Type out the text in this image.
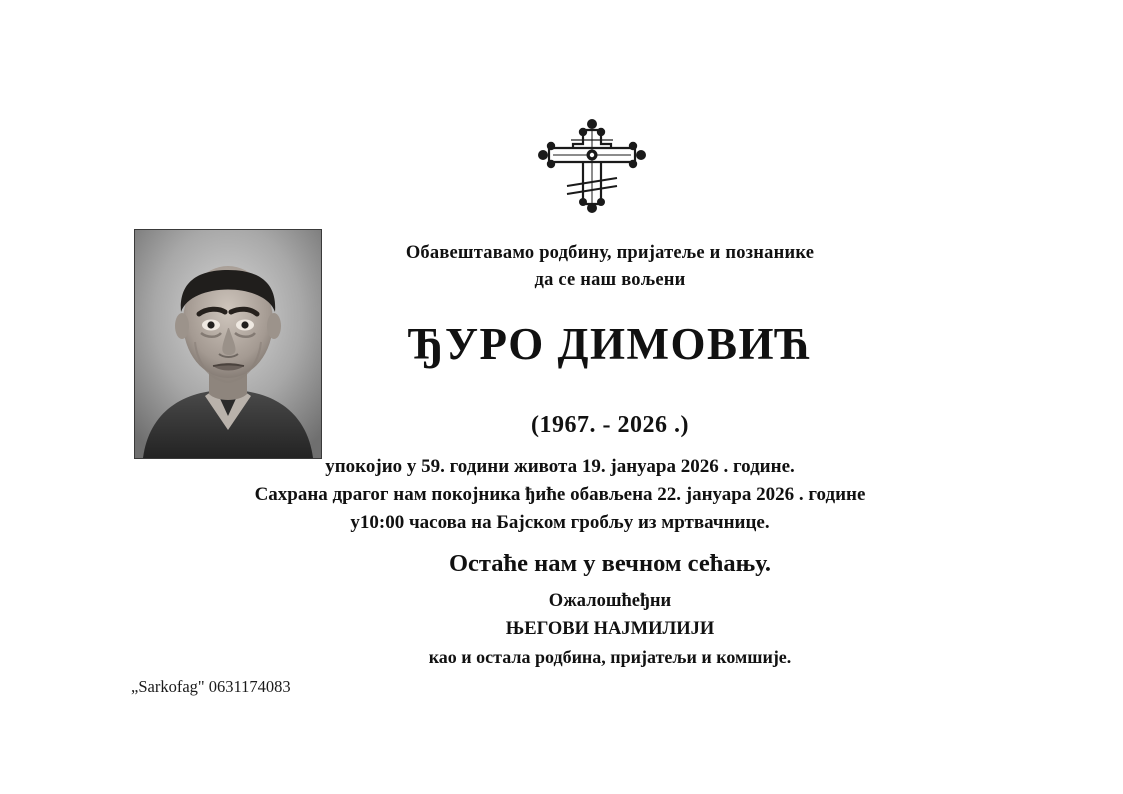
Обавештавамо родбину, пријатеље и познанике
да се наш вољени
ЂУРО ДИМОВИЋ
(1967. - 2026 .)
упокојио у 59. години живота 19. јануара 2026 . године.
Сахрана драгог нам покојника ђиће обављена 22. јануара 2026 . године
у10:00 часова на Бајском гробљу из мртвачнице.
Остаће нам у вечном сећању.
Ожалошћеђни
ЊЕГОВИ НАЈМИЛИЈИ
као и остала родбина, пријатељи и комшије.
„Sarkofag" 0631174083
